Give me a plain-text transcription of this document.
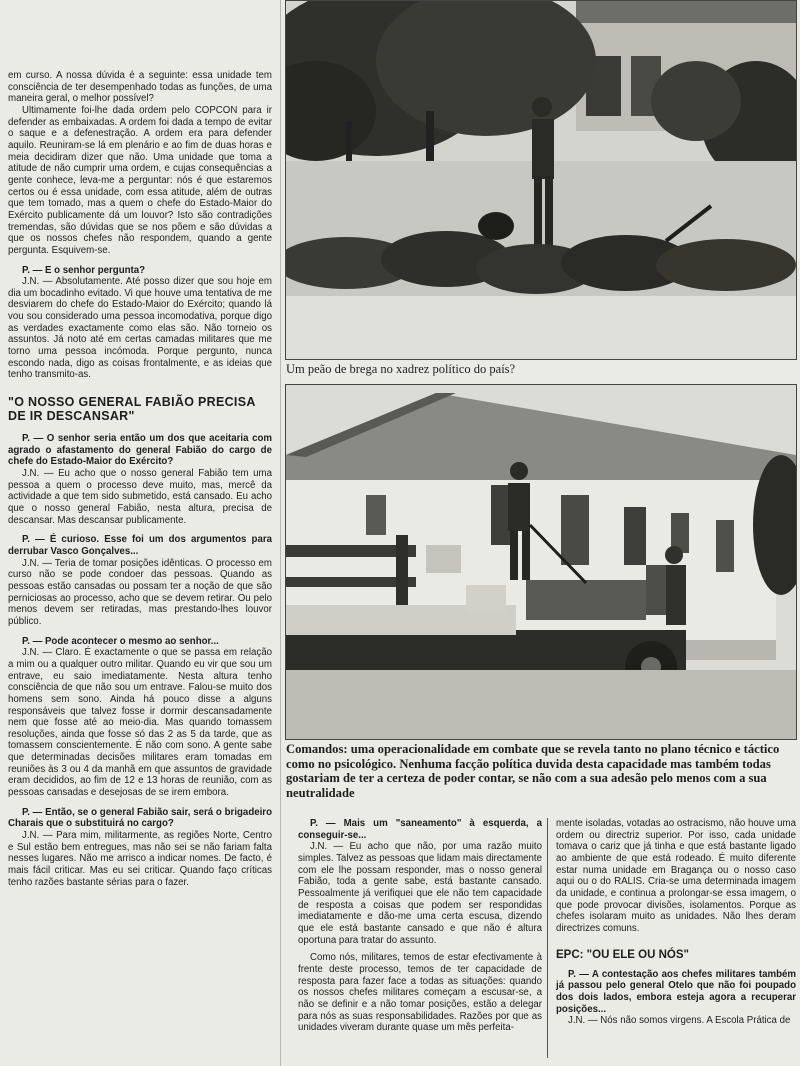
em curso. A nossa dúvida é a seguinte: essa unidade tem consciência de ter desempenhado todas as funções, de uma maneira geral, o melhor possível?

Ultimamente foi-lhe dada ordem pelo COPCON para ir defender as embaixadas. A ordem foi dada a tempo de evitar o saque e a defenestração. A ordem era para defender aquilo. Reuniram-se lá em plenário e ao fim de duas horas e meia decidiram dizer que não. Uma unidade que toma a atitude de não cumprir uma ordem, e cujas consequências a gente conhece, leva-me a perguntar: nós é que estaremos certos ou é essa unidade, com essa atitude, além de outras que tem tomado, mas a quem o chefe do Estado-Maior do Exército publicamente dá um louvor? Isto são contradições tremendas, são dúvidas que se nos põem e são dúvidas a que os nossos chefes não respondem, quando a gente pergunta. Esquivem-se.

P. — E o senhor pergunta?

J.N. — Absolutamente. Até posso dizer que sou hoje em dia um bocadinho evitado. Vi que houve uma tentativa de me desviarem do chefe do Estado-Maior do Exército; quando lá vou sou considerado uma pessoa incomodativa, porque digo as verdades exactamente como elas são. Não torneio os assuntos. Já noto até em certas camadas militares que me torno uma pessoa incómoda. Porque pergunto, nunca escondo nada, digo as coisas frontalmente, e as ideias que tenho transmito-as.

"O NOSSO GENERAL FABIÃO PRECISA DE IR DESCANSAR"

P. — O senhor seria então um dos que aceitaria com agrado o afastamento do general Fabião do cargo de chefe do Estado-Maior do Exército?

J.N. — Eu acho que o nosso general Fabião tem uma pessoa a quem o processo deve muito, mas, mercê da actividade a que tem sido submetido, está cansado. Eu acho que o nosso general Fabião, nesta altura, precisa de descansar. Mas descansar publicamente.

P. — É curioso. Esse foi um dos argumentos para derrubar Vasco Gonçalves...

J.N. — Teria de tomar posições idênticas. O processo em curso não se pode condoer das pessoas. Quando as pessoas estão cansadas ou possam ter a noção de que são perniciosas ao processo, acho que se devem retirar. Ou pelo menos devem ser retiradas, mas prestando-lhes louvor público.

P. — Pode acontecer o mesmo ao senhor...

J.N. — Claro. É exactamente o que se passa em relação a mim ou a qualquer outro militar. Quando eu vir que sou um entrave, eu saio imediatamente. Nesta altura tenho consciência de que não sou um entrave. Falou-se muito dos homens sem sono. Ainda há pouco disse a alguns responsáveis que talvez fosse ir dormir descansadamente nem que fosse até ao meio-dia. Mas quando tomassem resoluções, ainda que fosse só das 2 as 5 da tarde, que as tomassem conscientemente. É não com sono. A gente sabe que determinadas decisões militares eram tomadas em reuniões às 3 ou 4 da manhã em que assuntos de gravidade eram decididos, ao fim de 12 e 13 horas de reunião, com as pessoas cansadas e desejosas de se irem embora.

P. — Então, se o general Fabião sair, será o brigadeiro Charais que o substituirá no cargo?

J.N. — Para mim, militarmente, as regiões Norte, Centro e Sul estão bem entregues, mas não sei se não fariam falta nesses lugares. Não me arrisco a indicar nomes. De facto, é mais fácil criticar. Mas eu sei criticar. Quando faço críticas tenho razões bastante sérias para o fazer.

Um peão de brega no xadrez político do país?
Comandos: uma operacionalidade em combate que se revela tanto no plano técnico e táctico como no psicológico. Nenhuma facção política duvida desta capacidade mas também todas gostariam de ter a certeza de poder contar, se não com a sua adesão pelo menos com a sua neutralidade

P. — Mais um "saneamento" à esquerda, a conseguir-se...

J.N. — Eu acho que não, por uma razão muito simples. Talvez as pessoas que lidam mais directamente com ele lhe possam responder, mas o nosso general Fabião, toda a gente sabe, está bastante cansado. Pessoalmente já verifiquei que ele não tem capacidade de resposta a coisas que podem ser respondidas imediatamente e dão-me uma certa escusa, dizendo que ele está bastante cansado e que não é altura oportuna para tratar do assunto.

Como nós, militares, temos de estar efectivamente à frente deste processo, temos de ter capacidade de resposta para fazer face a todas as situações: quando os nossos chefes militares começam a escusar-se, a não se definir e a não tomar posições, estão a delegar para nós as suas responsabilidades. Razões por que as unidades viveram durante quase um mês perfeita-

mente isoladas, votadas ao ostracismo, não houve uma ordem ou directriz superior. Por isso, cada unidade tomava o cariz que já tinha e que está bastante ligado ao ambiente de que está rodeado. É muito diferente estar numa unidade em Bragança ou o nosso caso aqui ou o do RALIS. Cria-se uma determinada imagem da unidade, e continua a prolongar-se essa imagem, o que pode provocar divisões, isolamentos. Porque as chefes isolaram muito as unidades. Não lhes deram directrizes comuns.

EPC: "OU ELE OU NÓS"

P. — A contestação aos chefes militares também já passou pelo general Otelo que não foi poupado dos dois lados, embora esteja agora a recuperar posições...

J.N. — Nós não somos virgens. A Escola Prática de
